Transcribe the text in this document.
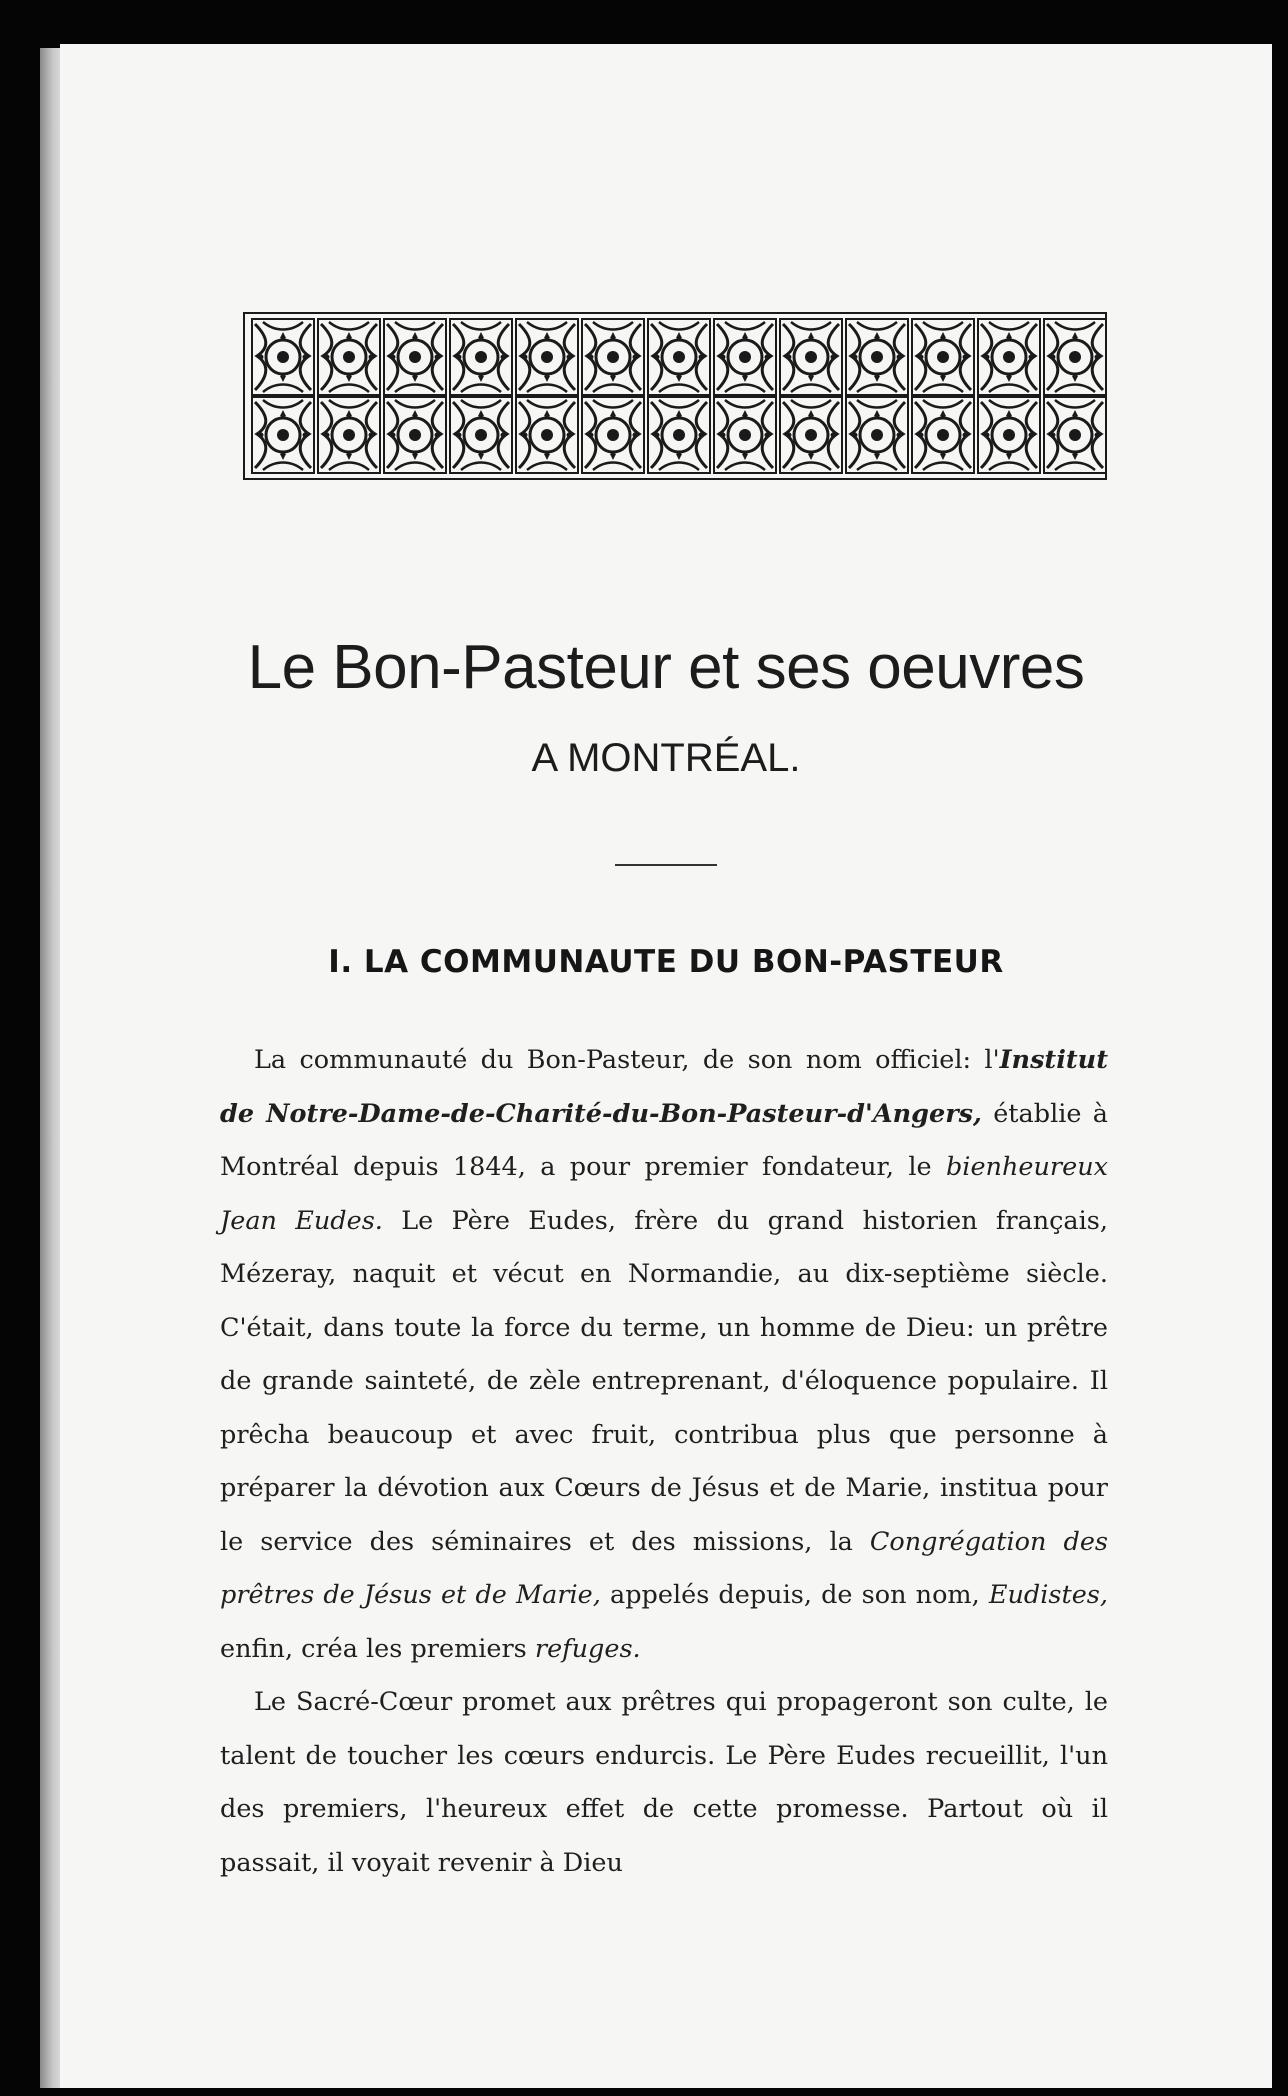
Le Bon-Pasteur et ses oeuvres
A MONTRÉAL.
I. LA COMMUNAUTE DU BON-PASTEUR

La communauté du Bon-Pasteur, de son nom officiel: l'Institut de Notre-Dame-de-Charité-du-Bon-Pasteur-d'Angers, établie à Montréal depuis 1844, a pour premier fondateur, le bienheureux Jean Eudes. Le Père Eudes, frère du grand historien français, Mézeray, naquit et vécut en Normandie, au dix-septième siècle. C'était, dans toute la force du terme, un homme de Dieu: un prêtre de grande sainteté, de zèle entreprenant, d'éloquence populaire. Il prêcha beaucoup et avec fruit, contribua plus que personne à préparer la dévotion aux Cœurs de Jésus et de Marie, institua pour le service des séminaires et des missions, la Congrégation des prêtres de Jésus et de Marie, appelés depuis, de son nom, Eudistes, enfin, créa les premiers refuges.

Le Sacré-Cœur promet aux prêtres qui propageront son culte, le talent de toucher les cœurs endurcis. Le Père Eudes recueillit, l'un des premiers, l'heureux effet de cette promesse. Partout où il passait, il voyait revenir à Dieu
